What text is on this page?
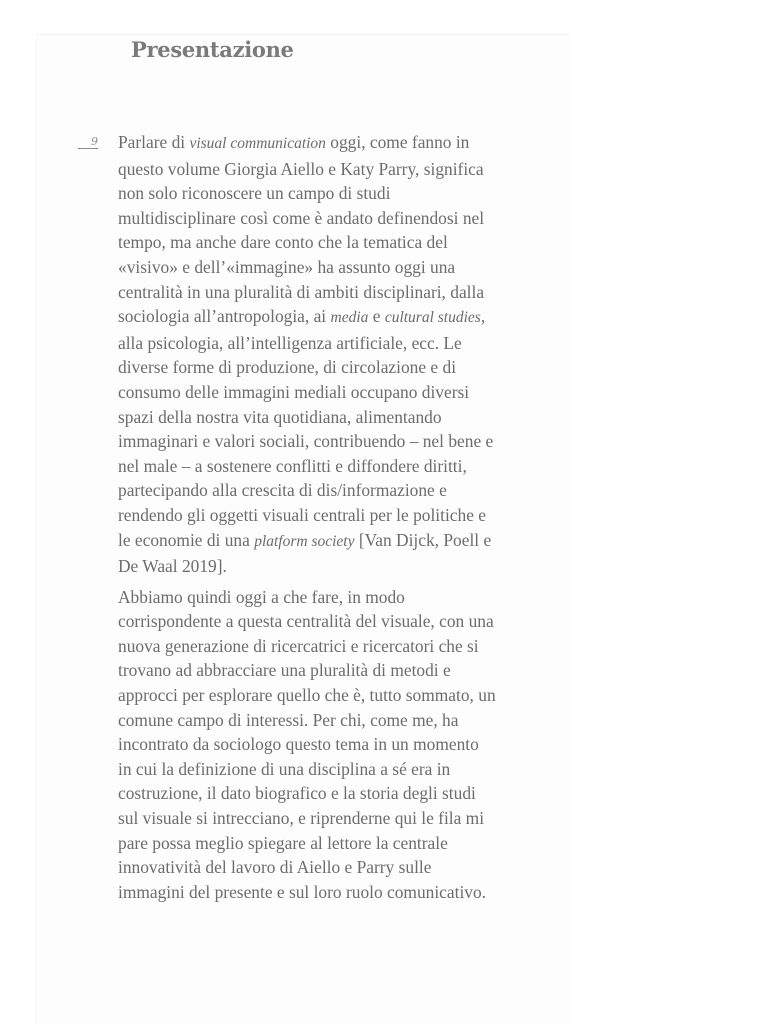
Presentazione
9 Parlare di visual communication oggi, come fanno in questo volume Giorgia Aiello e Katy Parry, significa non solo riconoscere un campo di studi multidisciplinare così come è andato definendosi nel tempo, ma anche dare conto che la tematica del «visivo» e dell’«immagine» ha assunto oggi una centralità in una pluralità di ambiti disciplinari, dalla sociologia all’antropologia, ai media e cultural studies, alla psicologia, all’intelligenza artificiale, ecc. Le diverse forme di produzione, di circolazione e di consumo delle immagini mediali occupano diversi spazi della nostra vita quotidiana, alimentando immaginari e valori sociali, contribuendo – nel bene e nel male – a sostenere conflitti e diffondere diritti, partecipando alla crescita di dis/informazione e rendendo gli oggetti visuali centrali per le politiche e le economie di una platform society [Van Dijck, Poell e De Waal 2019].

Abbiamo quindi oggi a che fare, in modo corrispondente a questa centralità del visuale, con una nuova generazione di ricercatrici e ricercatori che si trovano ad abbracciare una pluralità di metodi e approcci per esplorare quello che è, tutto sommato, un comune campo di interessi. Per chi, come me, ha incontrato da sociologo questo tema in un momento in cui la definizione di una disciplina a sé era in costruzione, il dato biografico e la storia degli studi sul visuale si intrecciano, e riprenderne qui le fila mi pare possa meglio spiegare al lettore la centrale innovatività del lavoro di Aiello e Parry sulle immagini del presente e sul loro ruolo comunicativo.
